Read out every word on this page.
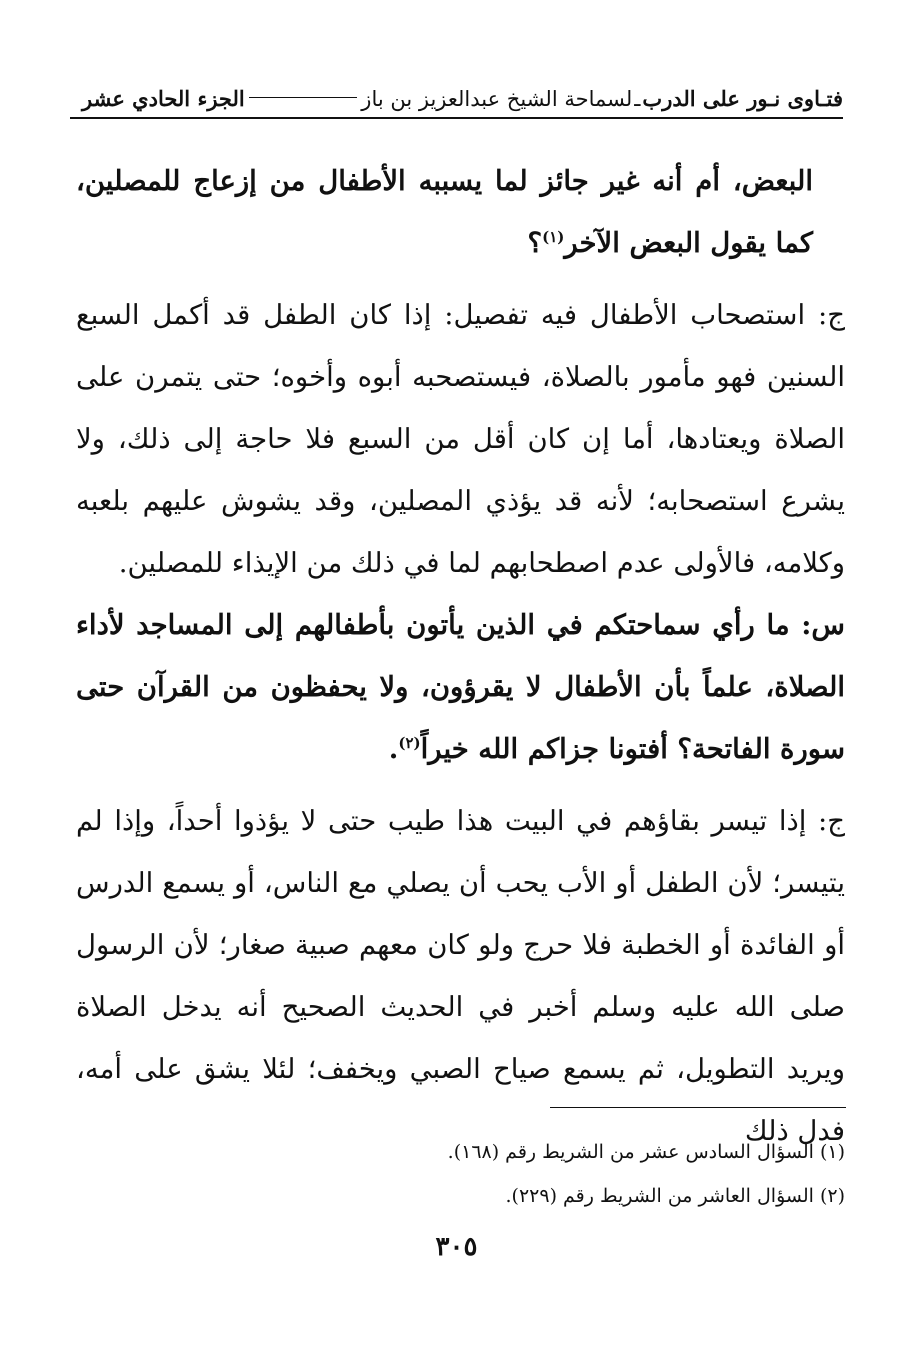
فتـاوى نـور على الدرب
ـ
لسماحة الشيخ عبدالعزيز بن باز
الجزء الحادي عشر

البعض، أم أنه غير جائز لما يسببه الأطفال من إزعاج للمصلين، كما يقول البعض الآخر$^{(١)}$؟

ج: استصحاب الأطفال فيه تفصيل: إذا كان الطفل قد أكمل السبع السنين فهو مأمور بالصلاة، فيستصحبه أبوه وأخوه؛ حتى يتمرن على الصلاة ويعتادها، أما إن كان أقل من السبع فلا حاجة إلى ذلك، ولا يشرع استصحابه؛ لأنه قد يؤذي المصلين، وقد يشوش عليهم بلعبه وكلامه، فالأولى عدم اصطحابهم لما في ذلك من الإيذاء للمصلين.

س: ما رأي سماحتكم في الذين يأتون بأطفالهم إلى المساجد لأداء الصلاة، علماً بأن الأطفال لا يقرؤون، ولا يحفظون من القرآن حتى سورة الفاتحة؟ أفتونا جزاكم الله خيراً$^{(٢)}$.

ج: إذا تيسر بقاؤهم في البيت هذا طيب حتى لا يؤذوا أحداً، وإذا لم يتيسر؛ لأن الطفل أو الأب يحب أن يصلي مع الناس، أو يسمع الدرس أو الفائدة أو الخطبة فلا حرج ولو كان معهم صبية صغار؛ لأن الرسول صلى الله عليه وسلم أخبر في الحديث الصحيح أنه يدخل الصلاة ويريد التطويل، ثم يسمع صياح الصبي ويخفف؛ لئلا يشق على أمه، فدل ذلك

(١) السؤال السادس عشر من الشريط رقم (١٦٨).
(٢) السؤال العاشر من الشريط رقم (٢٢٩).
٣٠٥
